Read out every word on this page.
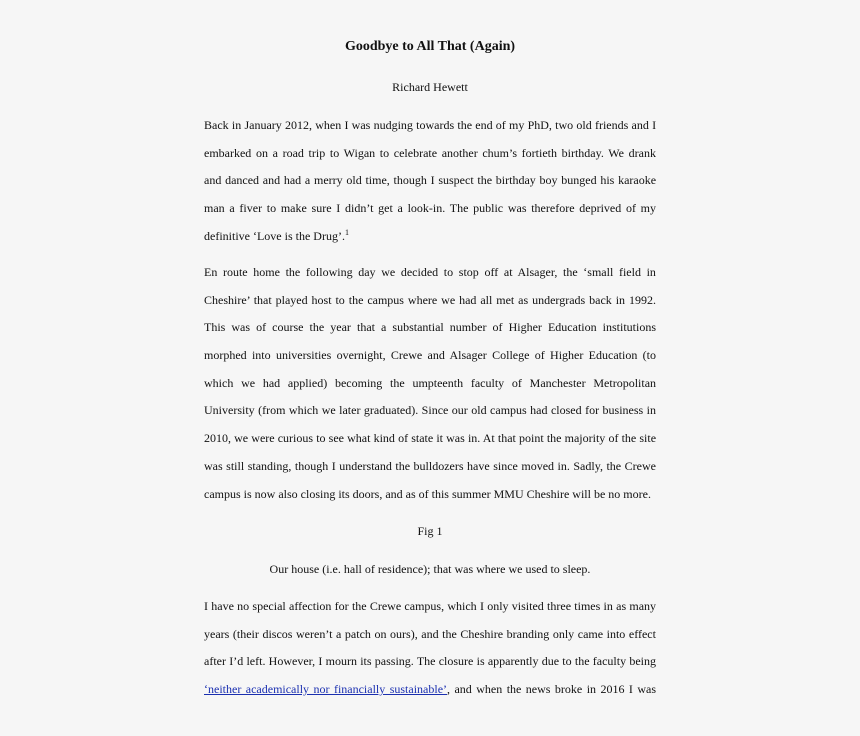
Goodbye to All That (Again)
Richard Hewett
Back in January 2012, when I was nudging towards the end of my PhD, two old friends and I
embarked on a road trip to Wigan to celebrate another chum’s fortieth birthday. We drank
and danced and had a merry old time, though I suspect the birthday boy bunged his karaoke
man a fiver to make sure I didn’t get a look-in. The public was therefore deprived of my
definitive ‘Love is the Drug’.$^1$
En route home the following day we decided to stop off at Alsager, the ‘small field in
Cheshire’ that played host to the campus where we had all met as undergrads back in 1992.
This was of course the year that a substantial number of Higher Education institutions
morphed into universities overnight, Crewe and Alsager College of Higher Education (to
which we had applied) becoming the umpteenth faculty of Manchester Metropolitan
University (from which we later graduated). Since our old campus had closed for business in
2010, we were curious to see what kind of state it was in. At that point the majority of the site
was still standing, though I understand the bulldozers have since moved in. Sadly, the Crewe
campus is now also closing its doors, and as of this summer MMU Cheshire will be no more.
Fig 1
Our house (i.e. hall of residence); that was where we used to sleep.
I have no special affection for the Crewe campus, which I only visited three times in as many
years (their discos weren’t a patch on ours), and the Cheshire branding only came into effect
after I’d left. However, I mourn its passing. The closure is apparently due to the faculty being
‘neither academically nor financially sustainable’, and when the news broke in 2016 I was
